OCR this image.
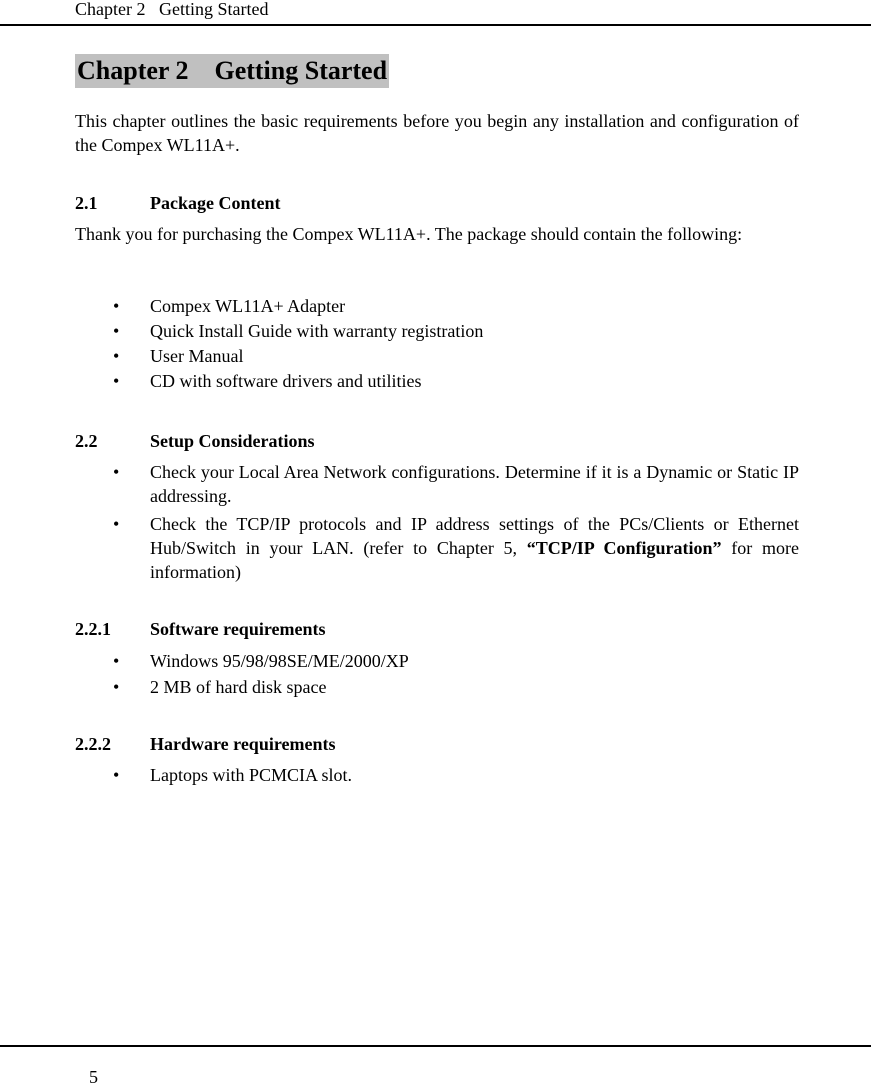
Chapter 2   Getting Started
Chapter 2    Getting Started
This chapter outlines the basic requirements before you begin any installation and configuration of the Compex WL11A+.
2.1	Package Content
Thank you for purchasing the Compex WL11A+. The package should contain the following:
• Compex WL11A+ Adapter
• Quick Install Guide with warranty registration
• User Manual
• CD with software drivers and utilities
2.2	Setup Considerations
• Check your Local Area Network configurations. Determine if it is a Dynamic or Static IP addressing.
• Check the TCP/IP protocols and IP address settings of the PCs/Clients or Ethernet Hub/Switch in your LAN. (refer to Chapter 5, “TCP/IP Configuration” for more information)
2.2.1 Software requirements
• Windows 95/98/98SE/ME/2000/XP
• 2 MB of hard disk space
2.2.2 Hardware requirements
• Laptops with PCMCIA slot.
5
